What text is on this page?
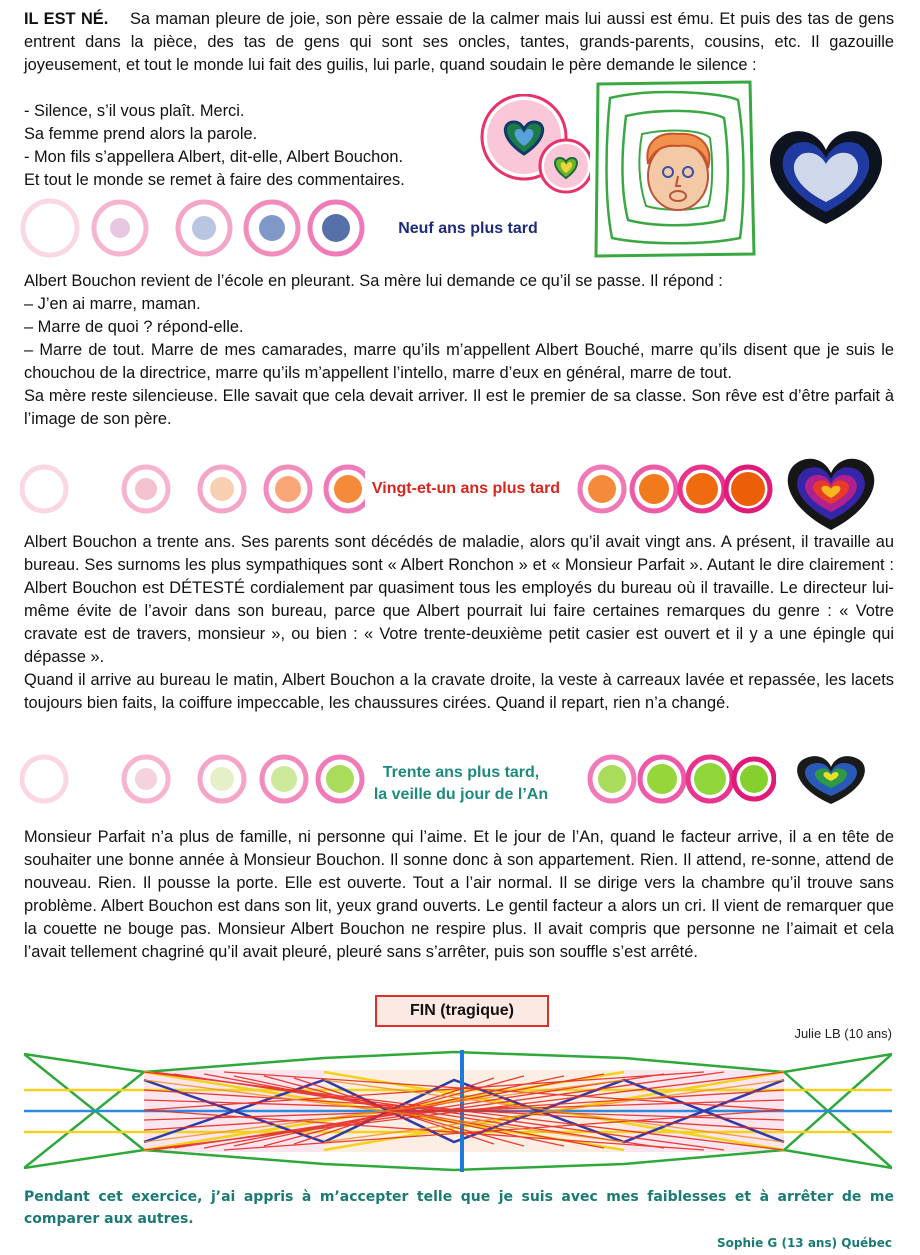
IL EST NÉ. Sa maman pleure de joie, son père essaie de la calmer mais lui aussi est ému. Et puis des tas de gens entrent dans la pièce, des tas de gens qui sont ses oncles, tantes, grands-parents, cousins, etc. Il gazouille joyeusement, et tout le monde lui fait des guilis, lui parle, quand soudain le père demande le silence :

- Silence, s’il vous plaît. Merci.
Sa femme prend alors la parole.
- Mon fils s’appellera Albert, dit-elle, Albert Bouchon.
Et tout le monde se remet à faire des commentaires.
Neuf ans plus tard
Albert Bouchon revient de l’école en pleurant. Sa mère lui demande ce qu’il se passe. Il répond :
– J’en ai marre, maman.
– Marre de quoi ? répond-elle.
– Marre de tout. Marre de mes camarades, marre qu’ils m’appellent Albert Bouché, marre qu’ils disent que je suis le chouchou de la directrice, marre qu’ils m’appellent l’intello, marre d’eux en général, marre de tout.
Sa mère reste silencieuse. Elle savait que cela devait arriver. Il est le premier de sa classe. Son rêve est d’être parfait à l’image de son père.
Vingt-et-un ans plus tard
Albert Bouchon a trente ans. Ses parents sont décédés de maladie, alors qu’il avait vingt ans. A présent, il travaille au bureau. Ses surnoms les plus sympathiques sont « Albert Ronchon » et « Monsieur Parfait ». Autant le dire clairement : Albert Bouchon est DÉTESTÉ cordialement par quasiment tous les employés du bureau où il travaille. Le directeur lui-même évite de l’avoir dans son bureau, parce que Albert pourrait lui faire certaines remarques du genre : « Votre cravate est de travers, monsieur », ou bien : « Votre trente-deuxième petit casier est ouvert et il y a une épingle qui dépasse ».
Quand il arrive au bureau le matin, Albert Bouchon a la cravate droite, la veste à carreaux lavée et repassée, les lacets toujours bien faits, la coiffure impeccable, les chaussures cirées. Quand il repart, rien n’a changé.
Trente ans plus tard,
la veille du jour de l’An

Monsieur Parfait n’a plus de famille, ni personne qui l’aime. Et le jour de l’An, quand le facteur arrive, il a en tête de souhaiter une bonne année à Monsieur Bouchon. Il sonne donc à son appartement. Rien. Il attend, re-sonne, attend de nouveau. Rien. Il pousse la porte. Elle est ouverte. Tout a l’air normal. Il se dirige vers la chambre qu’il trouve sans problème. Albert Bouchon est dans son lit, yeux grand ouverts. Le gentil facteur a alors un cri. Il vient de remarquer que la couette ne bouge pas. Monsieur Albert Bouchon ne respire plus. Il avait compris que personne ne l’aimait et cela l’avait tellement chagriné qu’il avait pleuré, pleuré sans s’arrêter, puis son souffle s’est arrêté.

FIN (tragique)
Julie LB (10 ans)
Pendant cet exercice, j’ai appris à m’accepter telle que je suis avec mes faiblesses et à arrêter de me comparer aux autres.
Sophie G (13 ans) Québec
